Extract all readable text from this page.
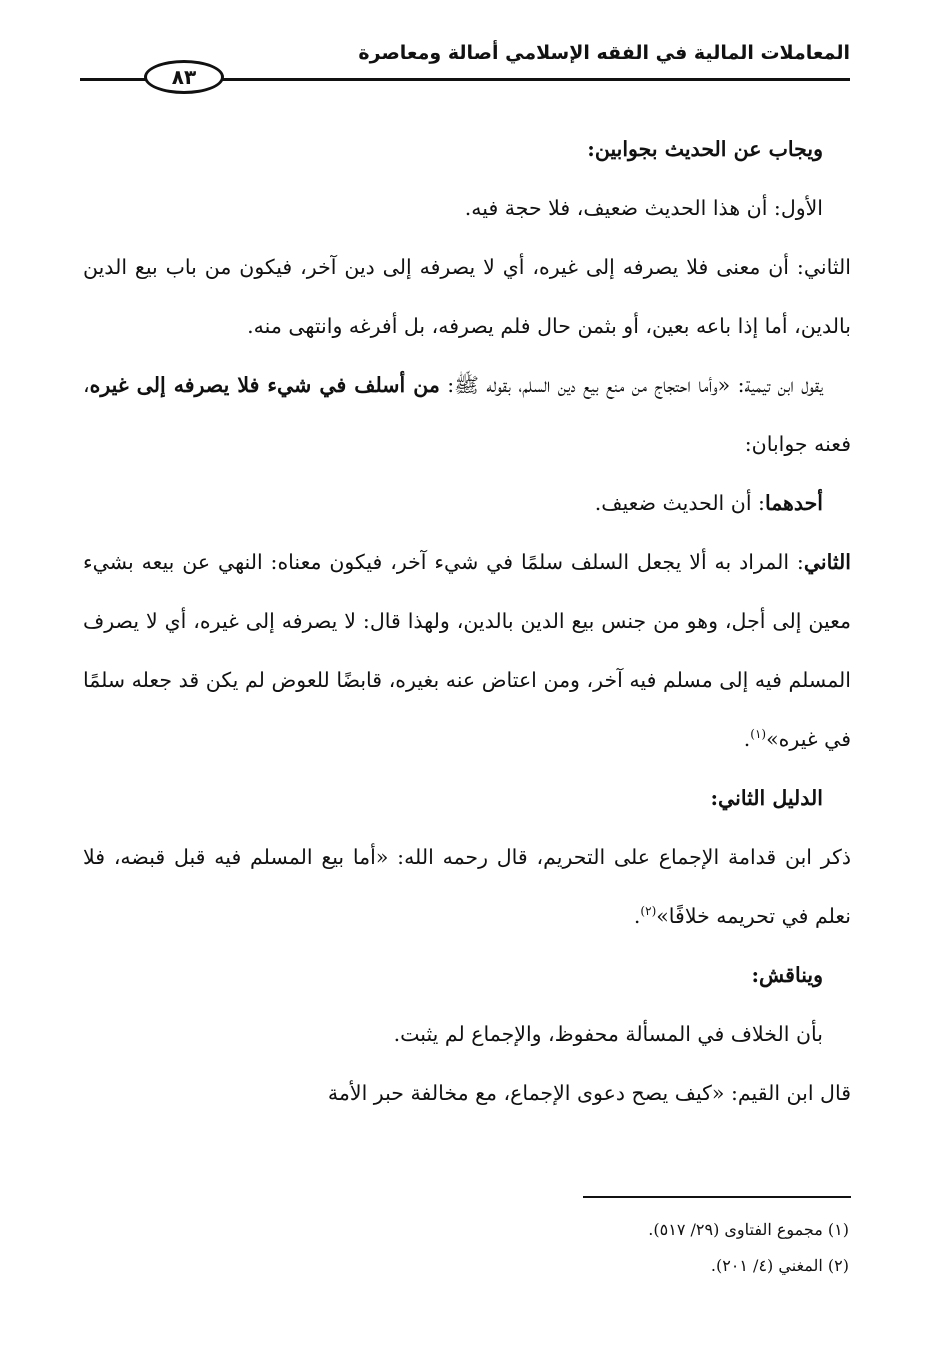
المعاملات المالية في الفقه الإسلامي أصالة ومعاصرة
٨٣

ويجاب عن الحديث بجوابين:

الأول: أن هذا الحديث ضعيف، فلا حجة فيه.

الثاني: أن معنى فلا يصرفه إلى غيره، أي لا يصرفه إلى دين آخر، فيكون من باب بيع الدين بالدين، أما إذا باعه بعين، أو بثمن حال فلم يصرفه، بل أفرغه وانتهى منه.

يقول ابن تيمية: «وأما احتجاج من منع بيع دين السلم، بقوله ﷺ: من أسلف في شيء فلا يصرفه إلى غيره، فعنه جوابان:

أحدهما: أن الحديث ضعيف.

الثاني: المراد به ألا يجعل السلف سلمًا في شيء آخر، فيكون معناه: النهي عن بيعه بشيء معين إلى أجل، وهو من جنس بيع الدين بالدين، ولهذا قال: لا يصرفه إلى غيره، أي لا يصرف المسلم فيه إلى مسلم فيه آخر، ومن اعتاض عنه بغيره، قابضًا للعوض لم يكن قد جعله سلمًا في غيره»$^{(١)}$.

الدليل الثاني:

ذكر ابن قدامة الإجماع على التحريم، قال رحمه الله: «أما بيع المسلم فيه قبل قبضه، فلا نعلم في تحريمه خلافًا»$^{(٢)}$.

ويناقش:

بأن الخلاف في المسألة محفوظ، والإجماع لم يثبت.

قال ابن القيم: «كيف يصح دعوى الإجماع، مع مخالفة حبر الأمة

(١) مجموع الفتاوى (٢٩/ ٥١٧).
(٢) المغني (٤/ ٢٠١).
